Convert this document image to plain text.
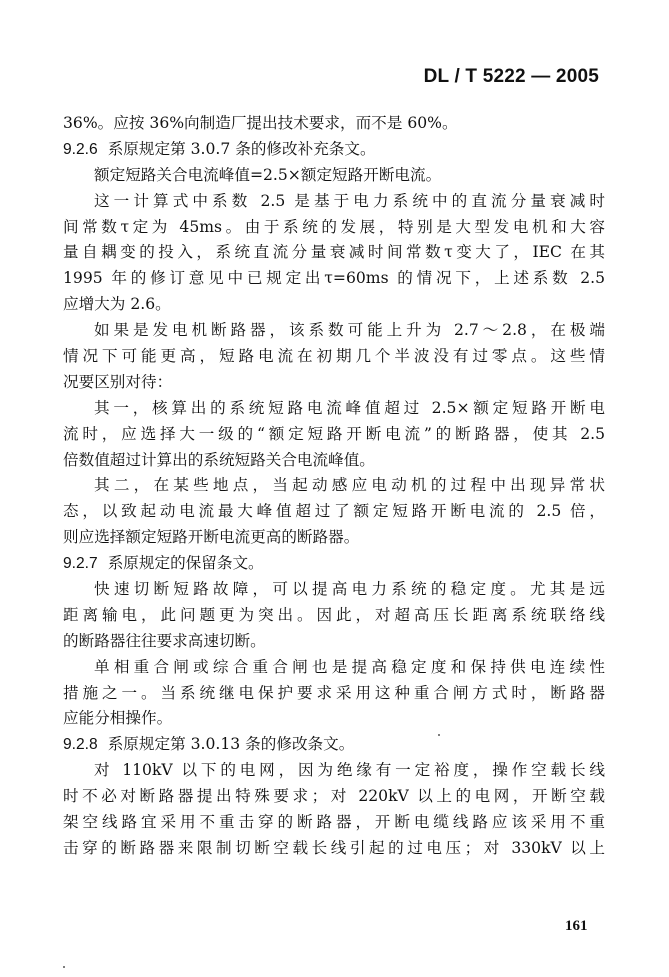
DL / T 5222 — 2005
36%。应按 36%向制造厂提出技术要求，而不是 60%。
9.2.6 系原规定第 3.0.7 条的修改补充条文。
额定短路关合电流峰值=2.5×额定短路开断电流。
这一计算式中系数 2.5 是基于电力系统中的直流分量衰减时
间常数τ定为 45ms。由于系统的发展，特别是大型发电机和大容
量自耦变的投入，系统直流分量衰减时间常数τ变大了，IEC 在其
1995 年的修订意见中已规定出τ=60ms 的情况下，上述系数 2.5
应增大为 2.6。
如果是发电机断路器，该系数可能上升为 2.7～2.8，在极端
情况下可能更高，短路电流在初期几个半波没有过零点。这些情
况要区别对待：
其一，核算出的系统短路电流峰值超过 2.5×额定短路开断电
流时，应选择大一级的“额定短路开断电流”的断路器，使其 2.5
倍数值超过计算出的系统短路关合电流峰值。
其二，在某些地点，当起动感应电动机的过程中出现异常状
态，以致起动电流最大峰值超过了额定短路开断电流的 2.5 倍，
则应选择额定短路开断电流更高的断路器。
9.2.7 系原规定的保留条文。
快速切断短路故障，可以提高电力系统的稳定度。尤其是远
距离输电，此问题更为突出。因此，对超高压长距离系统联络线
的断路器往往要求高速切断。
单相重合闸或综合重合闸也是提高稳定度和保持供电连续性
措施之一。当系统继电保护要求采用这种重合闸方式时，断路器
应能分相操作。
9.2.8 系原规定第 3.0.13 条的修改条文。
对 110kV 以下的电网，因为绝缘有一定裕度，操作空载长线
时不必对断路器提出特殊要求；对 220kV 以上的电网，开断空载
架空线路宜采用不重击穿的断路器，开断电缆线路应该采用不重
击穿的断路器来限制切断空载长线引起的过电压；对 330kV 以上
161
